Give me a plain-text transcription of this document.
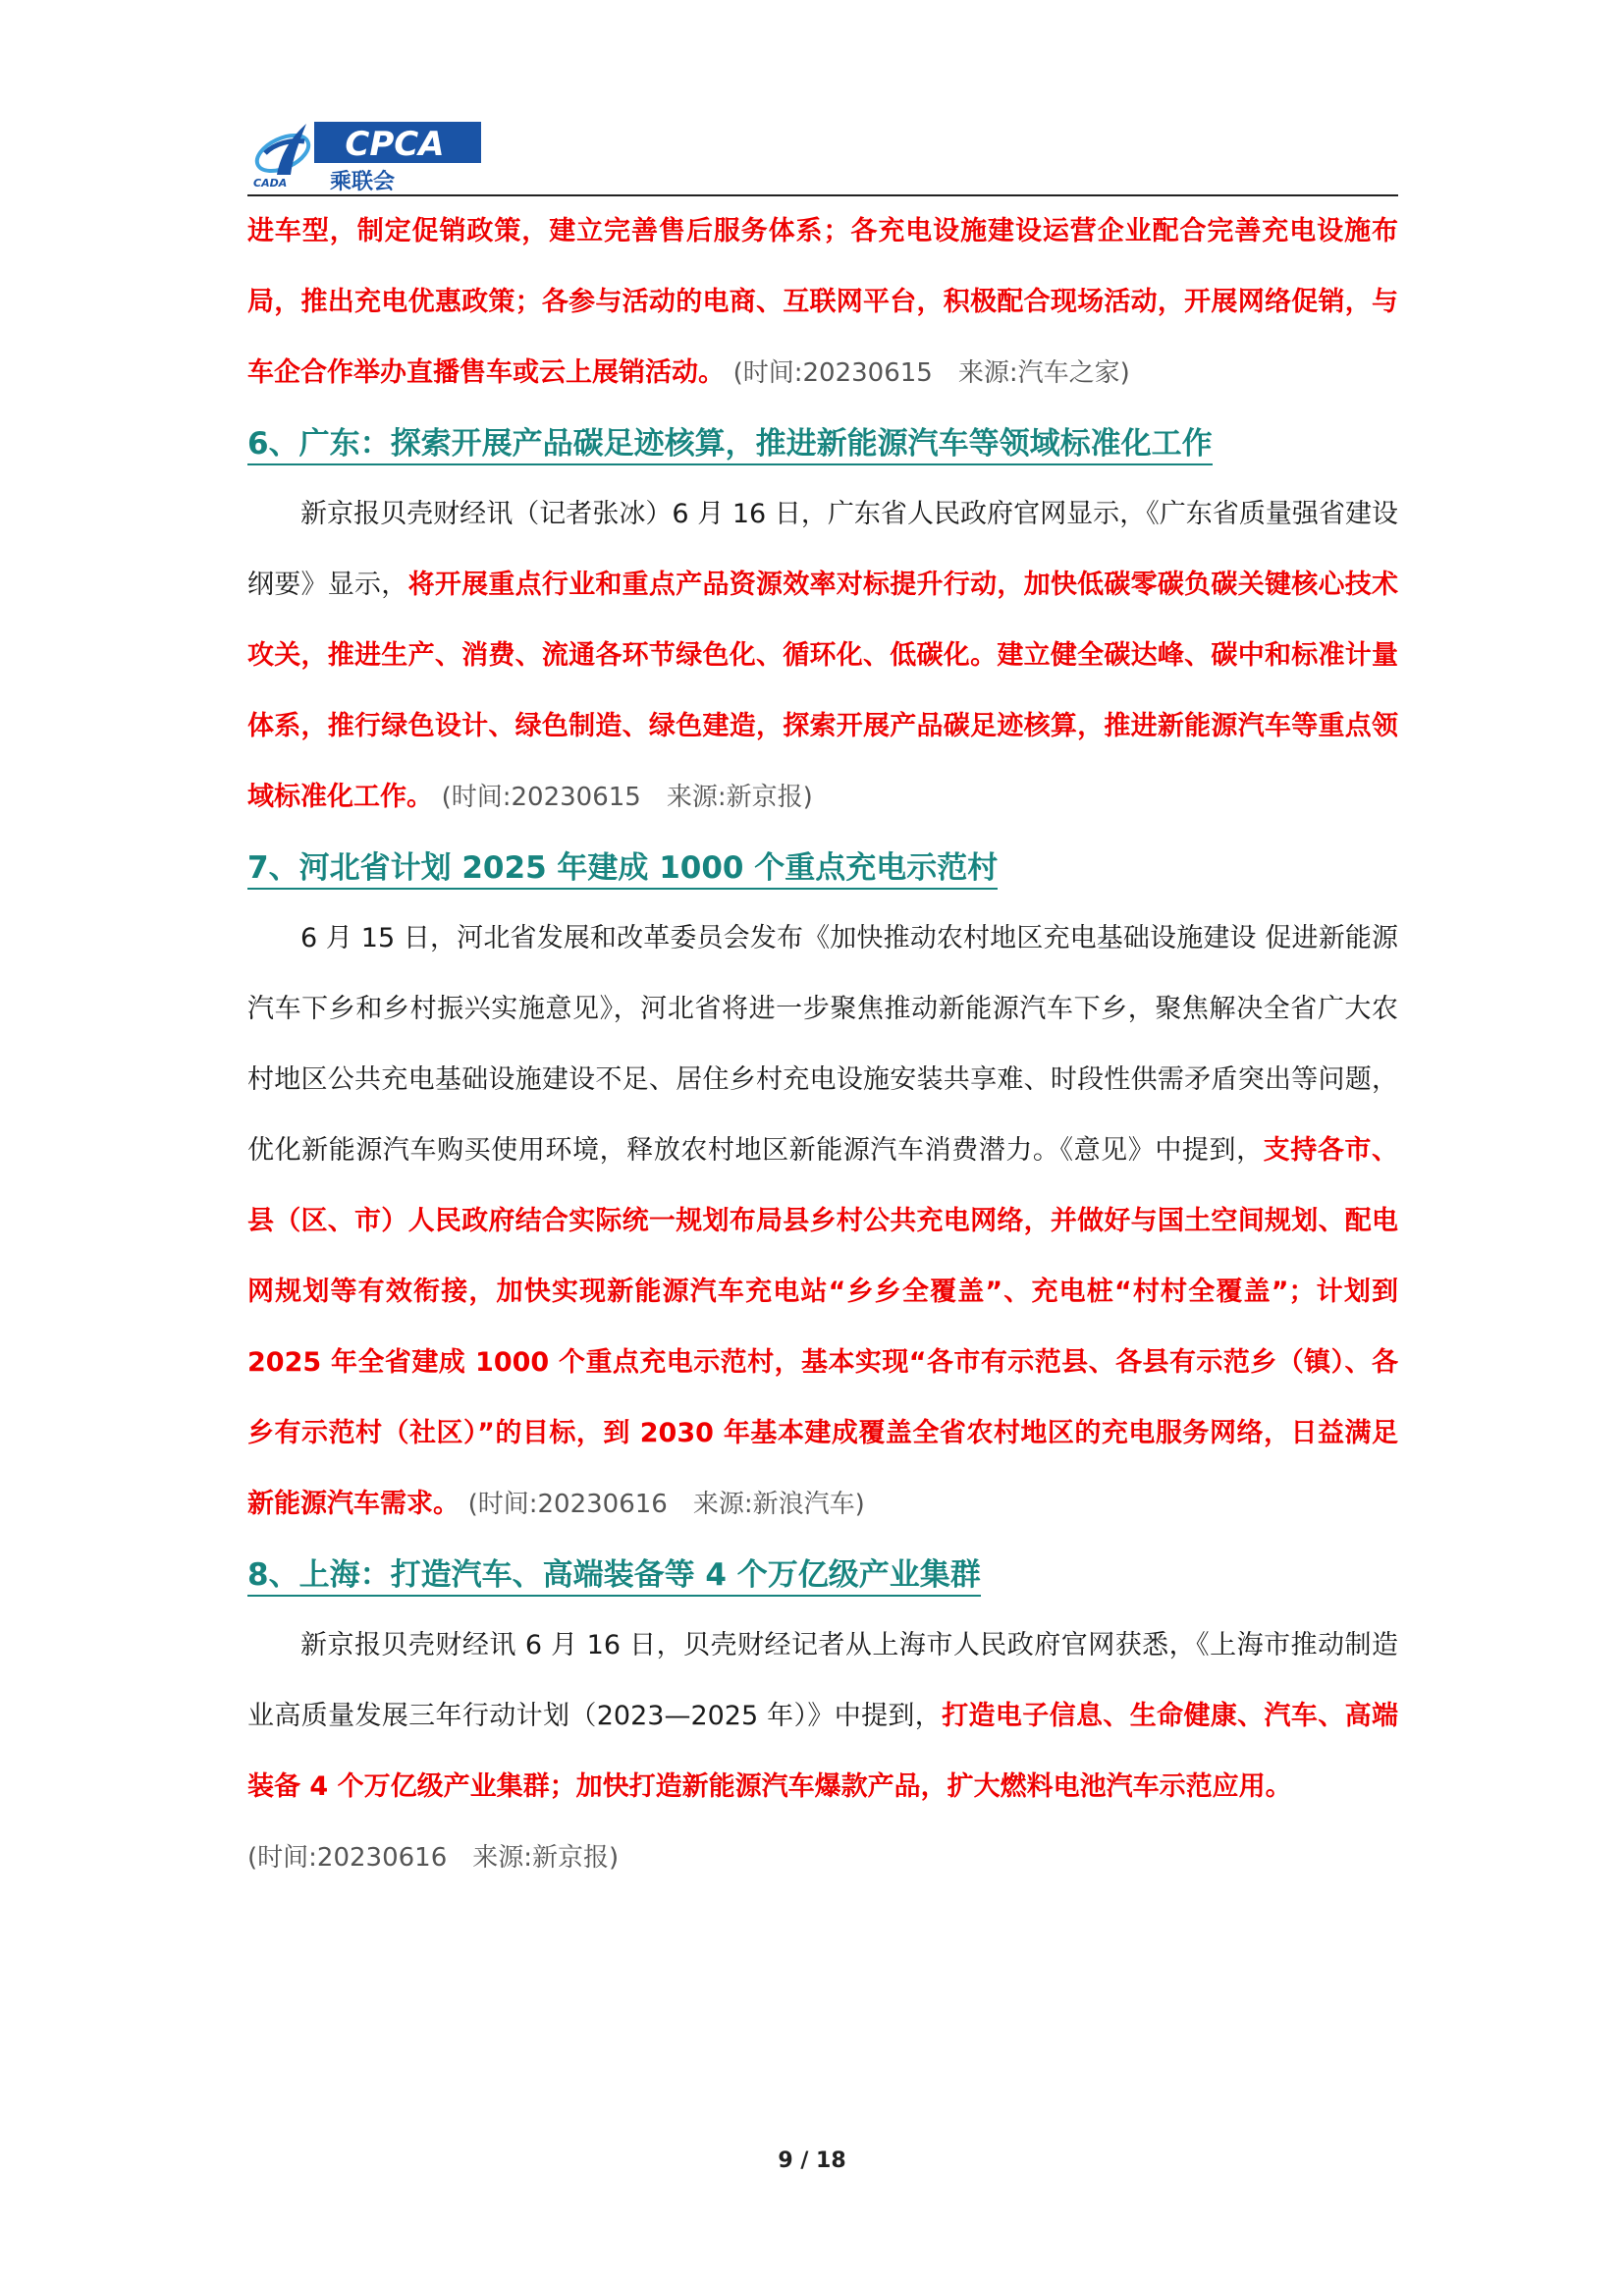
CPCA
乘联会
CADA

进车型，制定促销政策，建立完善售后服务体系；各充电设施建设运营企业配合完善充电设施布局，推出充电优惠政策；各参与活动的电商、互联网平台，积极配合现场活动，开展网络促销，与车企合作举办直播售车或云上展销活动。 (时间:20230615　来源:汽车之家)

6、广东：探索开展产品碳足迹核算，推进新能源汽车等领域标准化工作

新京报贝壳财经讯（记者张冰）6 月 16 日，广东省人民政府官网显示，《广东省质量强省建设纲要》显示，将开展重点行业和重点产品资源效率对标提升行动，加快低碳零碳负碳关键核心技术攻关，推进生产、消费、流通各环节绿色化、循环化、低碳化。建立健全碳达峰、碳中和标准计量体系，推行绿色设计、绿色制造、绿色建造，探索开展产品碳足迹核算，推进新能源汽车等重点领域标准化工作。 (时间:20230615　来源:新京报)

7、河北省计划 2025 年建成 1000 个重点充电示范村

6 月 15 日，河北省发展和改革委员会发布《加快推动农村地区充电基础设施建设 促进新能源汽车下乡和乡村振兴实施意见》，河北省将进一步聚焦推动新能源汽车下乡，聚焦解决全省广大农村地区公共充电基础设施建设不足、居住乡村充电设施安装共享难、时段性供需矛盾突出等问题，优化新能源汽车购买使用环境，释放农村地区新能源汽车消费潜力。《意见》中提到，支持各市、县（区、市）人民政府结合实际统一规划布局县乡村公共充电网络，并做好与国土空间规划、配电网规划等有效衔接，加快实现新能源汽车充电站“乡乡全覆盖”、充电桩“村村全覆盖”；计划到 2025 年全省建成 1000 个重点充电示范村，基本实现“各市有示范县、各县有示范乡（镇）、各乡有示范村（社区）”的目标，到 2030 年基本建成覆盖全省农村地区的充电服务网络，日益满足新能源汽车需求。 (时间:20230616　来源:新浪汽车)

8、上海：打造汽车、高端装备等 4 个万亿级产业集群

新京报贝壳财经讯 6 月 16 日，贝壳财经记者从上海市人民政府官网获悉，《上海市推动制造业高质量发展三年行动计划（2023—2025 年）》中提到，打造电子信息、生命健康、汽车、高端装备 4 个万亿级产业集群；加快打造新能源汽车爆款产品，扩大燃料电池汽车示范应用。

(时间:20230616　来源:新京报)

9 / 18
